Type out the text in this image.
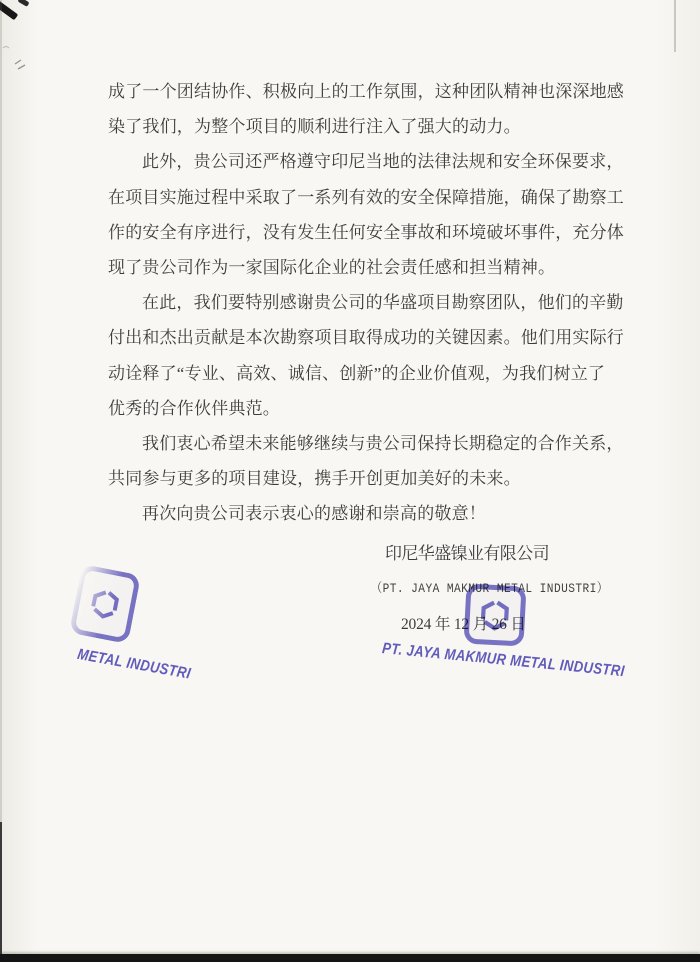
成了一个团结协作、积极向上的工作氛围，这种团队精神也深深地感
染了我们，为整个项目的顺利进行注入了强大的动力。
此外，贵公司还严格遵守印尼当地的法律法规和安全环保要求，
在项目实施过程中采取了一系列有效的安全保障措施，确保了勘察工
作的安全有序进行，没有发生任何安全事故和环境破坏事件，充分体
现了贵公司作为一家国际化企业的社会责任感和担当精神。
在此，我们要特别感谢贵公司的华盛项目勘察团队，他们的辛勤
付出和杰出贡献是本次勘察项目取得成功的关键因素。他们用实际行
动诠释了“专业、高效、诚信、创新”的企业价值观，为我们树立了
优秀的合作伙伴典范。
我们衷心希望未来能够继续与贵公司保持长期稳定的合作关系，
共同参与更多的项目建设，携手开创更加美好的未来。
再次向贵公司表示衷心的感谢和崇高的敬意！
印尼华盛镍业有限公司
（PT. JAYA MAKMUR METAL INDUSTRI）
2024 年 12 月 26 日
METAL INDUSTRI	PT. JAYA MAKMUR METAL INDUSTRI
